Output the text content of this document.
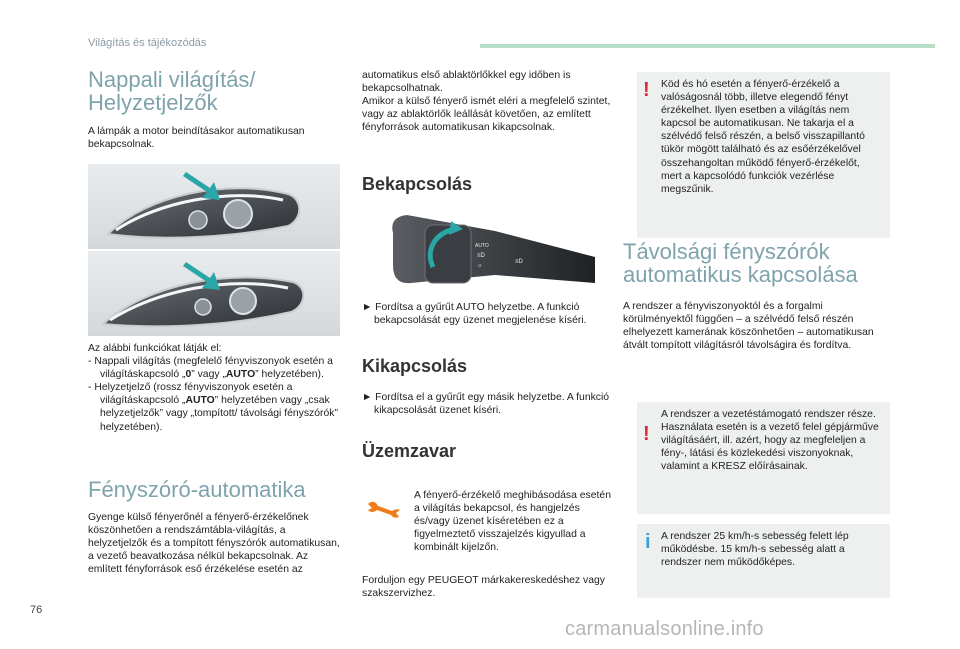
Világítás és tájékozódás
Nappali világítás/
Helyzetjelzők
A lámpák a motor beindításakor automatikusan bekapcsolnak.
Az alábbi funkciókat látják el:
- Nappali világítás (megfelelő fényviszonyok esetén a világításkapcsoló „0” vagy „AUTO” helyzetében).
- Helyzetjelző (rossz fényviszonyok esetén a világításkapcsoló „AUTO” helyzetében vagy „csak helyzetjelzők” vagy „tompított/ távolsági fényszórók” helyzetében).
Fényszóró-automatika
Gyenge külső fényerőnél a fényerő-érzékelőnek köszönhetően a rendszámtábla-világítás, a helyzetjelzők és a tompított fényszórók automatikusan, a vezető beavatkozása nélkül bekapcsolnak. Az említett fényforrások eső érzékelése esetén az
automatikus első ablaktörlőkkel egy időben is bekapcsolhatnak.
Amikor a külső fényerő ismét eléri a megfelelő szintet, vagy az ablaktörlők leállását követően, az említett fényforrások automatikusan kikapcsolnak.
Bekapcsolás
AUTO
≡D
☼
≡D
► Fordítsa a gyűrűt AUTO helyzetbe. A funkció bekapcsolását egy üzenet megjelenése kíséri.
Kikapcsolás
► Fordítsa el a gyűrűt egy másik helyzetbe. A funkció kikapcsolását üzenet kíséri.
Üzemzavar
A fényerő-érzékelő meghibásodása esetén a világítás bekapcsol, és hangjelzés és/vagy üzenet kíséretében ez a figyelmeztető visszajelzés kigyullad a kombinált kijelzőn.
Forduljon egy PEUGEOT márkakereskedéshez vagy szakszervizhez.
! Köd és hó esetén a fényerő-érzékelő a valóságosnál több, illetve elegendő fényt érzékelhet. Ilyen esetben a világítás nem kapcsol be automatikusan. Ne takarja el a szélvédő felső részén, a belső visszapillantó tükör mögött található és az esőérzékelővel összehangoltan működő fényerő-érzékelőt, mert a kapcsolódó funkciók vezérlése megszűnik.
Távolsági fényszórók
automatikus kapcsolása
A rendszer a fényviszonyoktól és a forgalmi körülményektől függően – a szélvédő felső részén elhelyezett kamerának köszönhetően – automatikusan átvált tompított világításról távolságira és fordítva.
!
A rendszer a vezetéstámogató rendszer része. Használata esetén is a vezető felel gépjárműve világításáért, ill. azért, hogy az megfeleljen a fény-, látási és közlekedési viszonyoknak, valamint a KRESZ előírásainak.
i A rendszer 25 km/h-s sebesség felett lép működésbe. 15 km/h-s sebesség alatt a rendszer nem működőképes.
76
carmanualsonline.info
